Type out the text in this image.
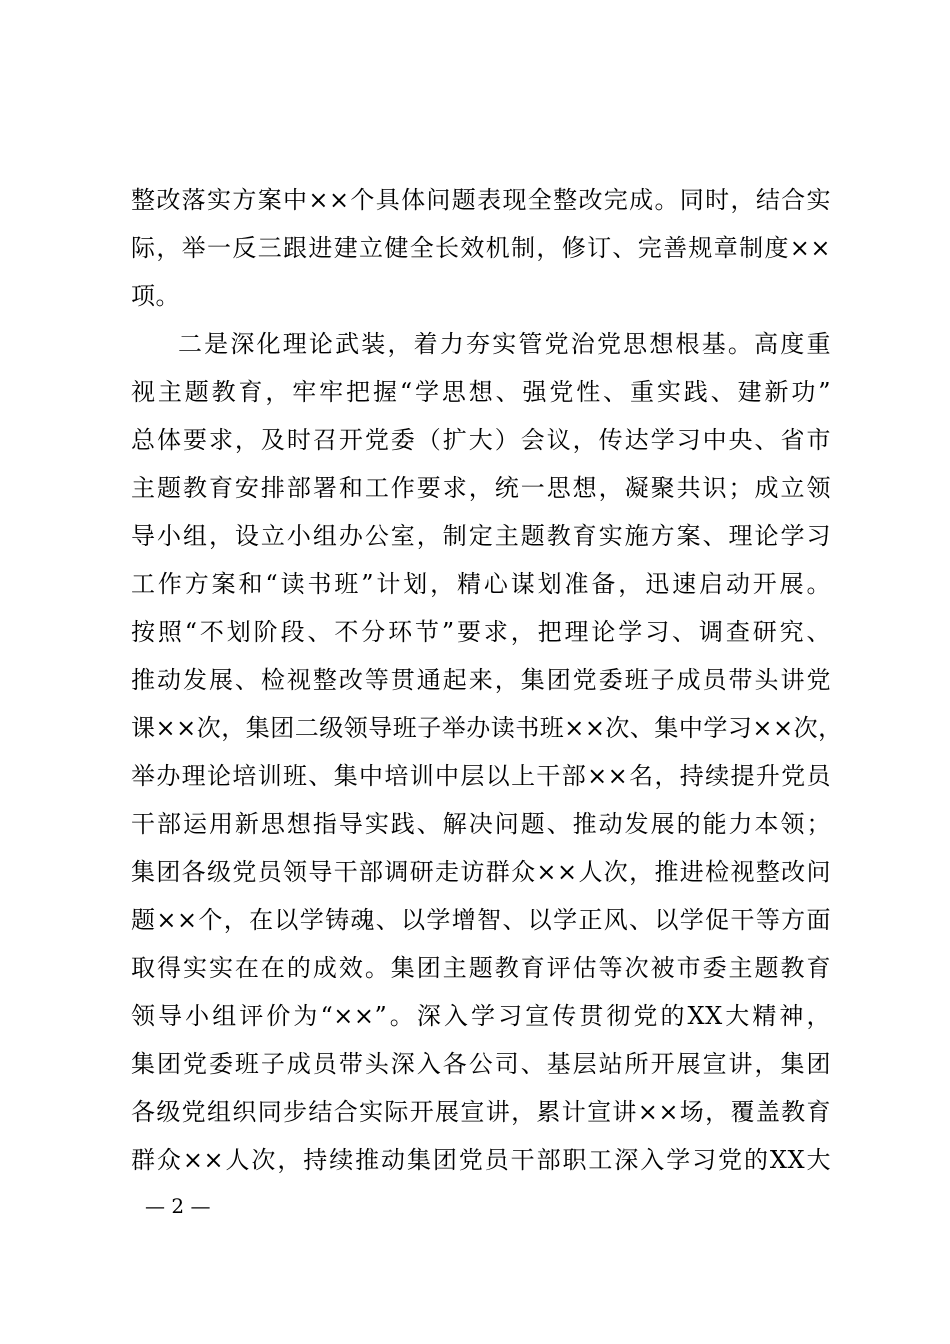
整改落实方案中××个具体问题表现全整改完成。同时，结合实
际，举一反三跟进建立健全长效机制，修订、完善规章制度××
项。
二是深化理论武装，着力夯实管党治党思想根基。高度重
视主题教育，牢牢把握“学思想、强党性、重实践、建新功”
总体要求，及时召开党委（扩大）会议，传达学习中央、省市
主题教育安排部署和工作要求，统一思想，凝聚共识；成立领
导小组，设立小组办公室，制定主题教育实施方案、理论学习
工作方案和“读书班”计划，精心谋划准备，迅速启动开展。
按照“不划阶段、不分环节”要求，把理论学习、调查研究、
推动发展、检视整改等贯通起来，集团党委班子成员带头讲党
课××次，集团二级领导班子举办读书班××次、集中学习××次，
举办理论培训班、集中培训中层以上干部××名，持续提升党员
干部运用新思想指导实践、解决问题、推动发展的能力本领；
集团各级党员领导干部调研走访群众××人次，推进检视整改问
题××个，在以学铸魂、以学增智、以学正风、以学促干等方面
取得实实在在的成效。集团主题教育评估等次被市委主题教育
领导小组评价为“××”。深入学习宣传贯彻党的XX大精神，
集团党委班子成员带头深入各公司、基层站所开展宣讲，集团
各级党组织同步结合实际开展宣讲，累计宣讲××场，覆盖教育
群众××人次，持续推动集团党员干部职工深入学习党的XX大
— 2 —
